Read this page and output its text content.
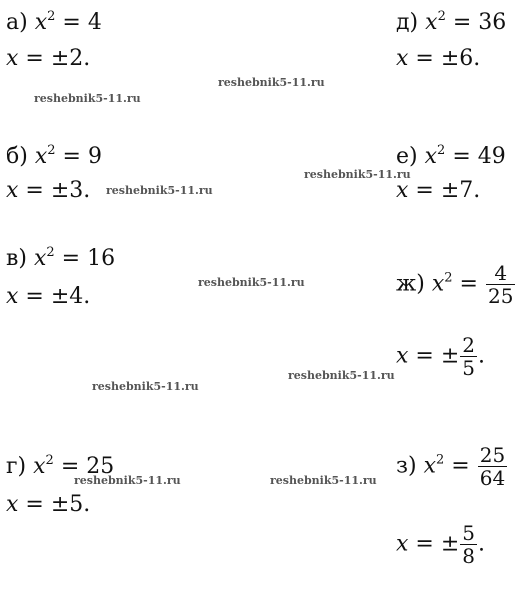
а) $x^2 = 4$
x = ±2.
б) $x^2 = 9$
x = ±3.
в) $x^2 = 16$
x = ±4.
г) $x^2 = 25$
x = ±5.
д) $x^2 = 36$
x = ±6.
е) $x^2 = 49$
x = ±7.
ж) $x^2 = \frac{4}{25}$
x = ± $\frac{2}{5}$ .
з) $x^2 = \frac{25}{64}$
x = ± $\frac{5}{8}$ .
reshebnik5-11.ru
reshebnik5-11.ru
reshebnik5-11.ru
reshebnik5-11.ru
reshebnik5-11.ru
reshebnik5-11.ru
reshebnik5-11.ru
reshebnik5-11.ru	reshebnik5-11.ru
